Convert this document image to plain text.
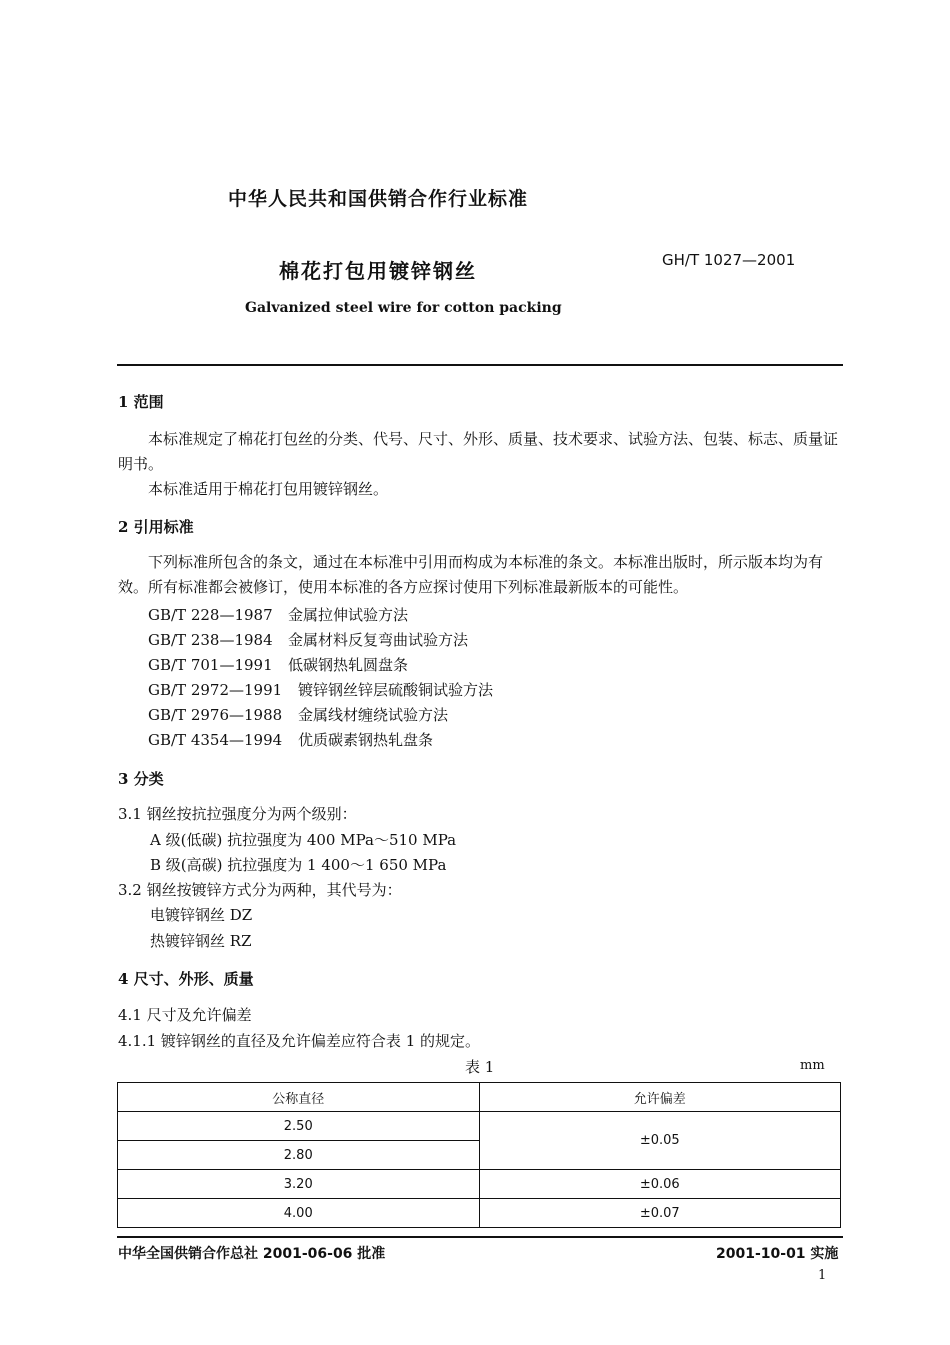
中华人民共和国供销合作行业标准
棉花打包用镀锌钢丝	GH/T 1027—2001
Galvanized steel wire for cotton packing
1 范围

本标准规定了棉花打包丝的分类、代号、尺寸、外形、质量、技术要求、试验方法、包装、标志、质量证明书。

本标准适用于棉花打包用镀锌钢丝。

2 引用标准

下列标准所包含的条文，通过在本标准中引用而构成为本标准的条文。本标准出版时，所示版本均为有效。所有标准都会被修订，使用本标准的各方应探讨使用下列标准最新版本的可能性。

GB/T 228—1987 金属拉伸试验方法
GB/T 238—1984 金属材料反复弯曲试验方法
GB/T 701—1991 低碳钢热轧圆盘条
GB/T 2972—1991 镀锌钢丝锌层硫酸铜试验方法
GB/T 2976—1988 金属线材缠绕试验方法
GB/T 4354—1994 优质碳素钢热轧盘条
3 分类
3.1 钢丝按抗拉强度分为两个级别：
A 级(低碳) 抗拉强度为 400 MPa～510 MPa
B 级(高碳) 抗拉强度为 1 400～1 650 MPa
3.2 钢丝按镀锌方式分为两种，其代号为：
电镀锌钢丝 DZ
热镀锌钢丝 RZ
4 尺寸、外形、质量
4.1 尺寸及允许偏差
4.1.1 镀锌钢丝的直径及允许偏差应符合表 1 的规定。
表 1	mm
公称直径	允许偏差
2.50	±0.05
2.80	
3.20	±0.06
4.00	±0.07
中华全国供销合作总社 2001-06-06 批准	2001-10-01 实施
1
